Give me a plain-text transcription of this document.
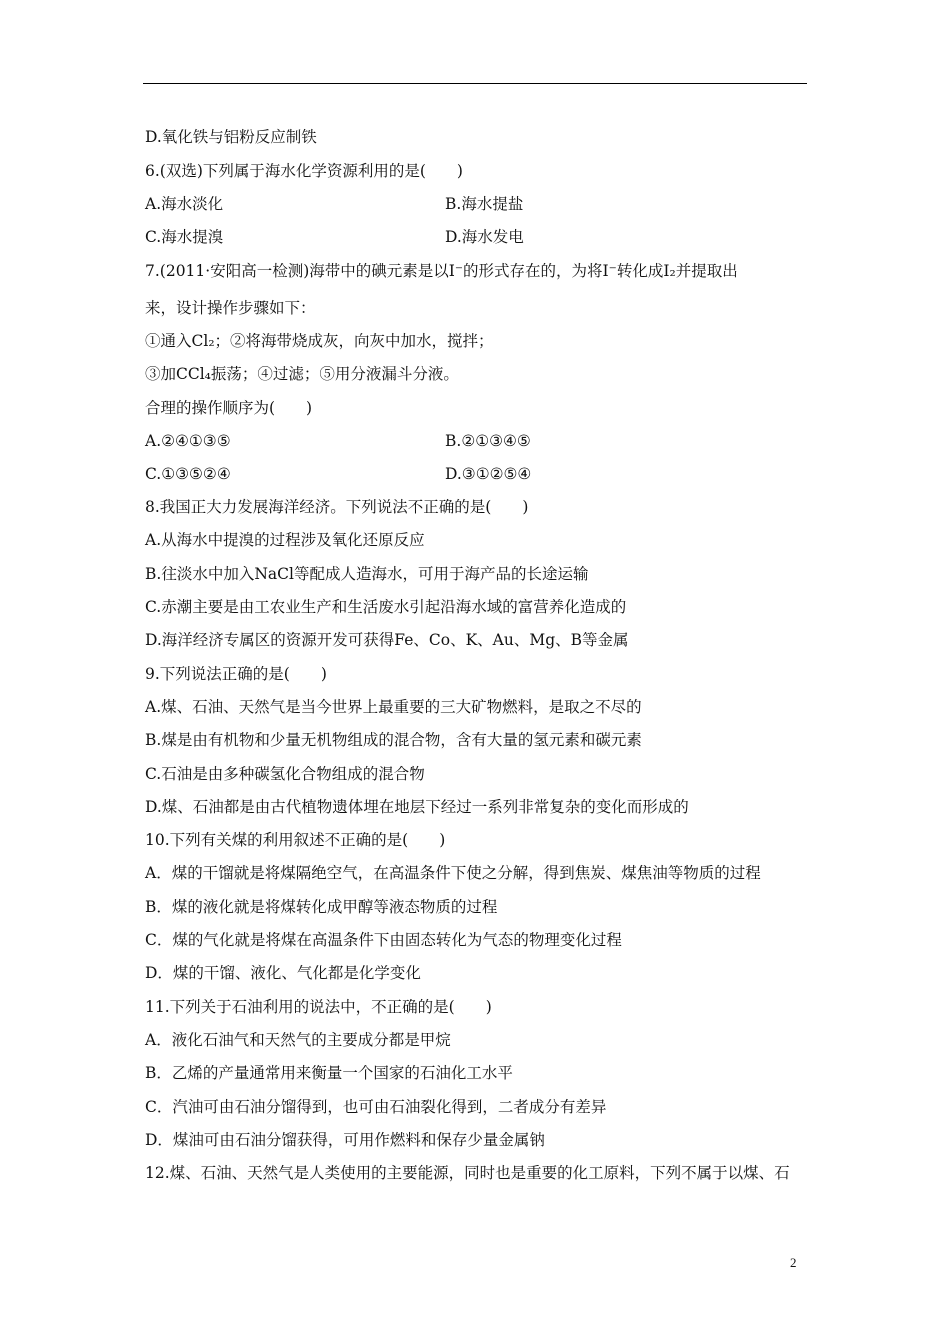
D.氧化铁与铝粉反应制铁
6.(双选)下列属于海水化学资源利用的是(　　)
A.海水淡化	B.海水提盐
C.海水提溴	D.海水发电
7.(2011·安阳高一检测)海带中的碘元素是以I⁻的形式存在的，为将I⁻转化成I₂并提取出
来，设计操作步骤如下：
①通入Cl₂；②将海带烧成灰，向灰中加水，搅拌；
③加CCl₄振荡；④过滤；⑤用分液漏斗分液。
合理的操作顺序为(　　)
A.②④①③⑤	B.②①③④⑤
C.①③⑤②④	D.③①②⑤④
8.我国正大力发展海洋经济。下列说法不正确的是(　　)
A.从海水中提溴的过程涉及氧化还原反应
B.往淡水中加入NaCl等配成人造海水，可用于海产品的长途运输
C.赤潮主要是由工农业生产和生活废水引起沿海水域的富营养化造成的
D.海洋经济专属区的资源开发可获得Fe、Co、K、Au、Mg、B等金属
9.下列说法正确的是(　　)
A.煤、石油、天然气是当今世界上最重要的三大矿物燃料，是取之不尽的
B.煤是由有机物和少量无机物组成的混合物，含有大量的氢元素和碳元素
C.石油是由多种碳氢化合物组成的混合物
D.煤、石油都是由古代植物遗体埋在地层下经过一系列非常复杂的变化而形成的
10.下列有关煤的利用叙述不正确的是(　　)
A．煤的干馏就是将煤隔绝空气，在高温条件下使之分解，得到焦炭、煤焦油等物质的过程
B．煤的液化就是将煤转化成甲醇等液态物质的过程
C．煤的气化就是将煤在高温条件下由固态转化为气态的物理变化过程
D．煤的干馏、液化、气化都是化学变化
11.下列关于石油利用的说法中，不正确的是(　　)
A．液化石油气和天然气的主要成分都是甲烷
B．乙烯的产量通常用来衡量一个国家的石油化工水平
C．汽油可由石油分馏得到，也可由石油裂化得到，二者成分有差异
D．煤油可由石油分馏获得，可用作燃料和保存少量金属钠
12.煤、石油、天然气是人类使用的主要能源，同时也是重要的化工原料，下列不属于以煤、石
2
